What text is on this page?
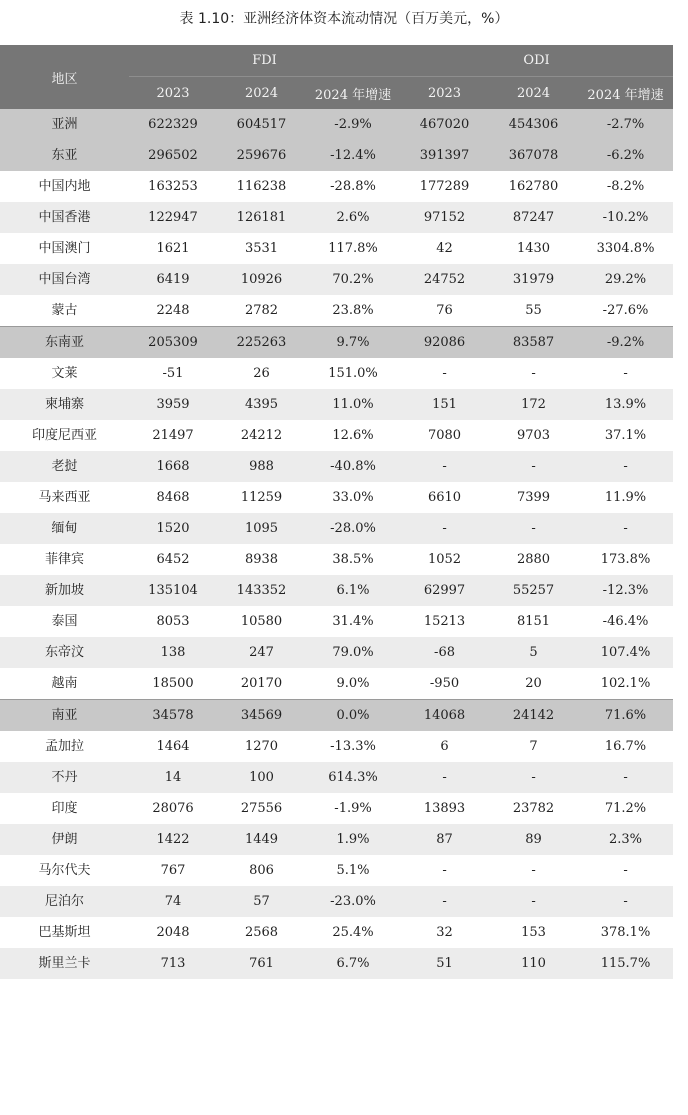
表 1.10：亚洲经济体资本流动情况（百万美元，%）
地区	FDI			ODI		
	2023	2024	2024 年增速	2023	2024	2024 年增速
亚洲	622329	604517	-2.9%	467020	454306	-2.7%
东亚	296502	259676	-12.4%	391397	367078	-6.2%
中国内地	163253	116238	-28.8%	177289	162780	-8.2%
中国香港	122947	126181	2.6%	97152	87247	-10.2%
中国澳门	1621	3531	117.8%	42	1430	3304.8%
中国台湾	6419	10926	70.2%	24752	31979	29.2%
蒙古	2248	2782	23.8%	76	55	-27.6%
东南亚	205309	225263	9.7%	92086	83587	-9.2%
文莱	-51	26	151.0%	-	-	-
柬埔寨	3959	4395	11.0%	151	172	13.9%
印度尼西亚	21497	24212	12.6%	7080	9703	37.1%
老挝	1668	988	-40.8%	-	-	-
马来西亚	8468	11259	33.0%	6610	7399	11.9%
缅甸	1520	1095	-28.0%	-	-	-
菲律宾	6452	8938	38.5%	1052	2880	173.8%
新加坡	135104	143352	6.1%	62997	55257	-12.3%
泰国	8053	10580	31.4%	15213	8151	-46.4%
东帝汶	138	247	79.0%	-68	5	107.4%
越南	18500	20170	9.0%	-950	20	102.1%
南亚	34578	34569	0.0%	14068	24142	71.6%
孟加拉	1464	1270	-13.3%	6	7	16.7%
不丹	14	100	614.3%	-	-	-
印度	28076	27556	-1.9%	13893	23782	71.2%
伊朗	1422	1449	1.9%	87	89	2.3%
马尔代夫	767	806	5.1%	-	-	-
尼泊尔	74	57	-23.0%	-	-	-
巴基斯坦	2048	2568	25.4%	32	153	378.1%
斯里兰卡	713	761	6.7%	51	110	115.7%
